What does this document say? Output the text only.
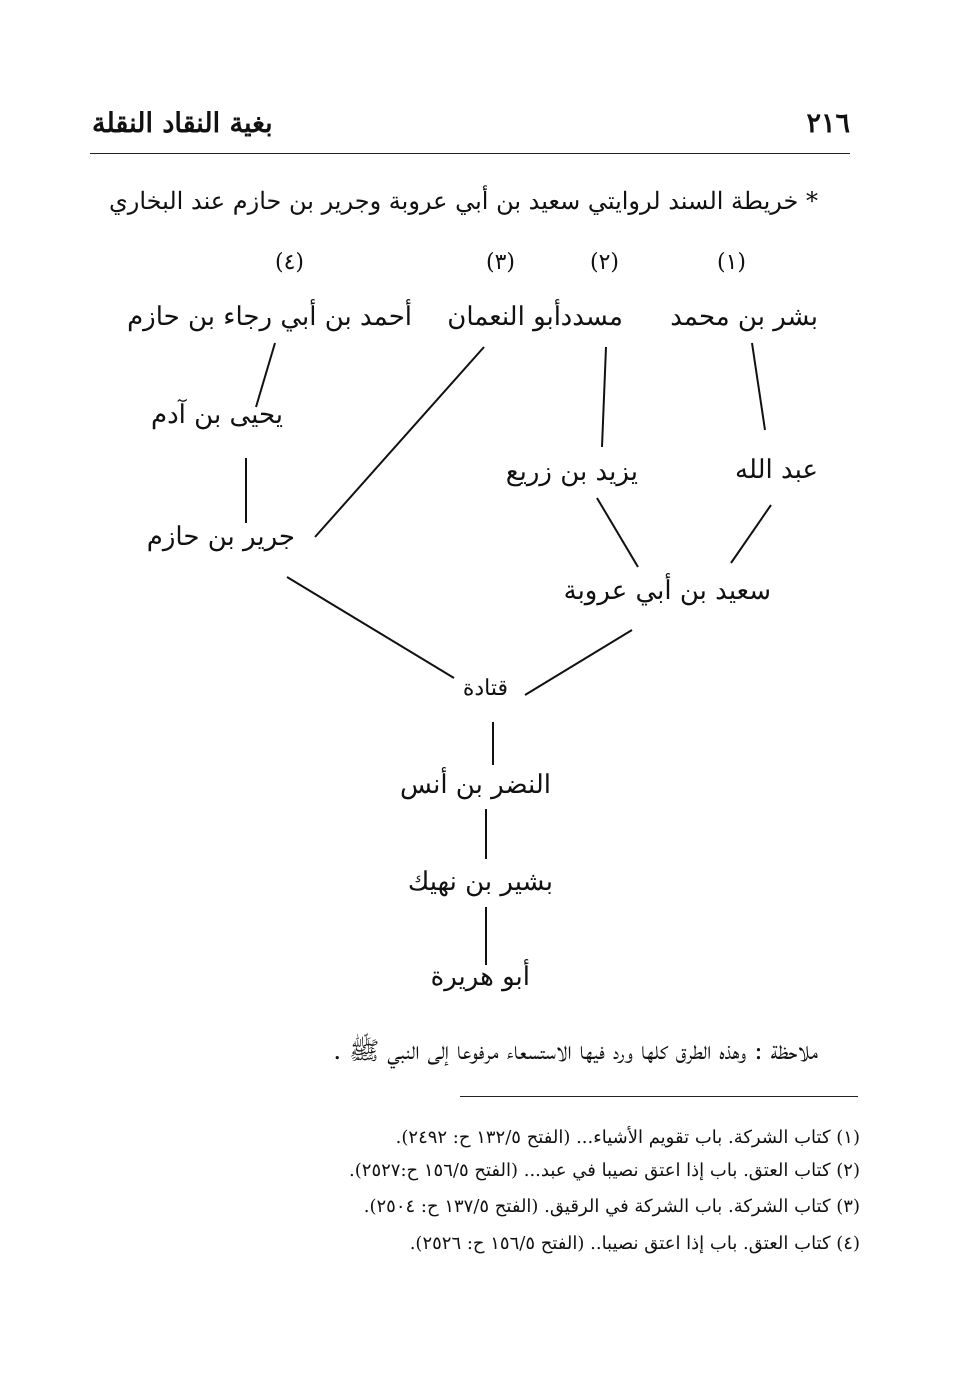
٢١٦
بغية النقاد النقلة
* خريطة السند لروايتي سعيد بن أبي عروبة وجرير بن حازم عند البخاري
(١)
(٢)
(٣)
(٤)
بشر بن محمد
مسدد
أبو النعمان
أحمد بن أبي رجاء بن حازم
يحيى بن آدم
عبد الله
يزيد بن زريع
جرير بن حازم
سعيد بن أبي عروبة
قتادة
النضر بن أنس
بشير بن نهيك
أبو هريرة
ملاحظة : وهذه الطرق كلها ورد فيها الاستسعاء مرفوعا إلى النبي ﷺ .
(١) كتاب الشركة. باب تقويم الأشياء... (الفتح ١٣٢/٥ ح: ٢٤٩٢).
(٢) كتاب العتق. باب إذا اعتق نصيبا في عبد... (الفتح ١٥٦/٥ ح:٢٥٢٧).
(٣) كتاب الشركة. باب الشركة في الرقيق. (الفتح ١٣٧/٥ ح: ٢٥٠٤).
(٤) كتاب العتق. باب إذا اعتق نصيبا.. (الفتح ١٥٦/٥ ح: ٢٥٢٦).
